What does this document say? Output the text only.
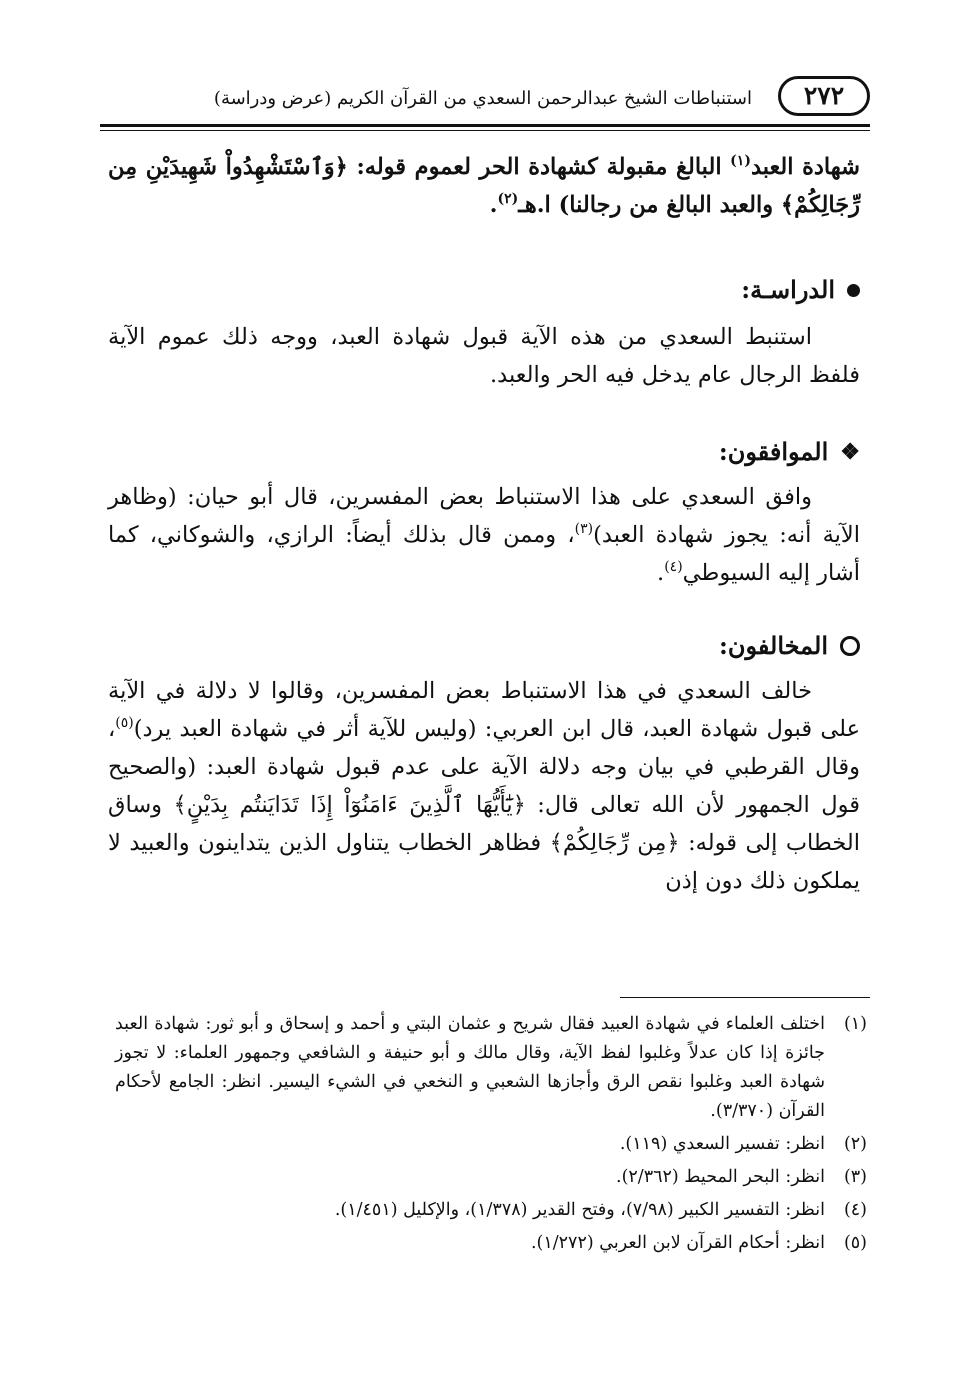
٢٧٢
استنباطات الشيخ عبدالرحمن السعدي من القرآن الكريم (عرض ودراسة)

شهادة العبد$^{(١)}$ البالغ مقبولة كشهادة الحر لعموم قوله: ﴿وَٱسْتَشْهِدُواْ شَهِيدَيْنِ مِن رِّجَالِكُمْ﴾ والعبد البالغ من رجالنا) ا.هـ$^{(٢)}$.

الدراسـة:

استنبط السعدي من هذه الآية قبول شهادة العبد، ووجه ذلك عموم الآية فلفظ الرجال عام يدخل فيه الحر والعبد.

❖
الموافقون:

وافق السعدي على هذا الاستنباط بعض المفسرين، قال أبو حيان: (وظاهر الآية أنه: يجوز شهادة العبد)$^{(٣)}$، وممن قال بذلك أيضاً: الرازي، والشوكاني، كما أشار إليه السيوطي$^{(٤)}$.

المخالفون:

خالف السعدي في هذا الاستنباط بعض المفسرين، وقالوا لا دلالة في الآية على قبول شهادة العبد، قال ابن العربي: (وليس للآية أثر في شهادة العبد يرد)$^{(٥)}$، وقال القرطبي في بيان وجه دلالة الآية على عدم قبول شهادة العبد: (والصحيح قول الجمهور لأن الله تعالى قال: ﴿يَٰٓأَيُّهَا ٱلَّذِينَ ءَامَنُوٓاْ إِذَا تَدَايَنتُم بِدَيْنٍ﴾ وساق الخطاب إلى قوله: ﴿مِن رِّجَالِكُمْ﴾ فظاهر الخطاب يتناول الذين يتداينون والعبيد لا يملكون ذلك دون إذن

(١)
اختلف العلماء في شهادة العبيد فقال شريح و عثمان البتي و أحمد و إسحاق و أبو ثور: شهادة العبد جائزة إذا كان عدلاً وغلبوا لفظ الآية، وقال مالك و أبو حنيفة و الشافعي وجمهور العلماء: لا تجوز شهادة العبد وغلبوا نقص الرق وأجازها الشعبي و النخعي في الشيء اليسير. انظر: الجامع لأحكام القرآن (٣/٣٧٠).
(٢)
انظر: تفسير السعدي (١١٩).
(٣)
انظر: البحر المحيط (٢/٣٦٢).
(٤)
انظر: التفسير الكبير (٧/٩٨)، وفتح القدير (١/٣٧٨)، والإكليل (١/٤٥١).
(٥)
انظر: أحكام القرآن لابن العربي (١/٢٧٢).
